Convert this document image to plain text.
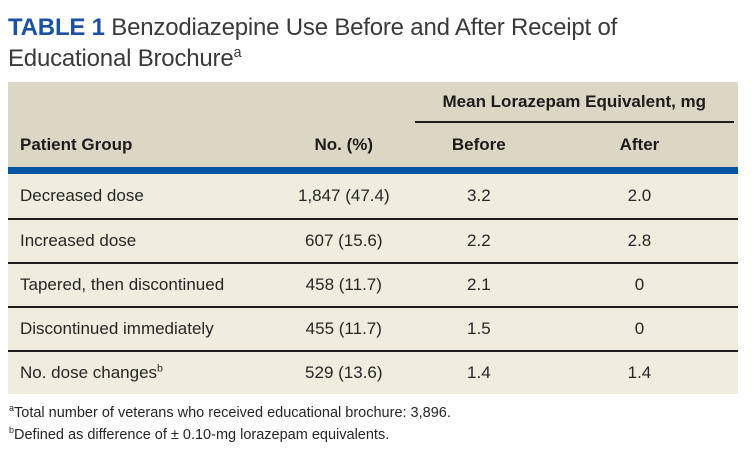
TABLE 1 Benzodiazepine Use Before and After Receipt of Educational Brochure$^a$
Mean Lorazepam Equivalent, mg
Patient Group	No. (%)	Before	After
Decreased dose	1,847 (47.4)	3.2	2.0
Increased dose	607 (15.6)	2.2	2.8
Tapered, then discontinued	458 (11.7)	2.1	0
Discontinued immediately	455 (11.7)	1.5	0
No. dose changes$^b$	529 (13.6)	1.4	1.4
$^a$Total number of veterans who received educational brochure: 3,896.
$^b$Defined as difference of ± 0.10-mg lorazepam equivalents.
